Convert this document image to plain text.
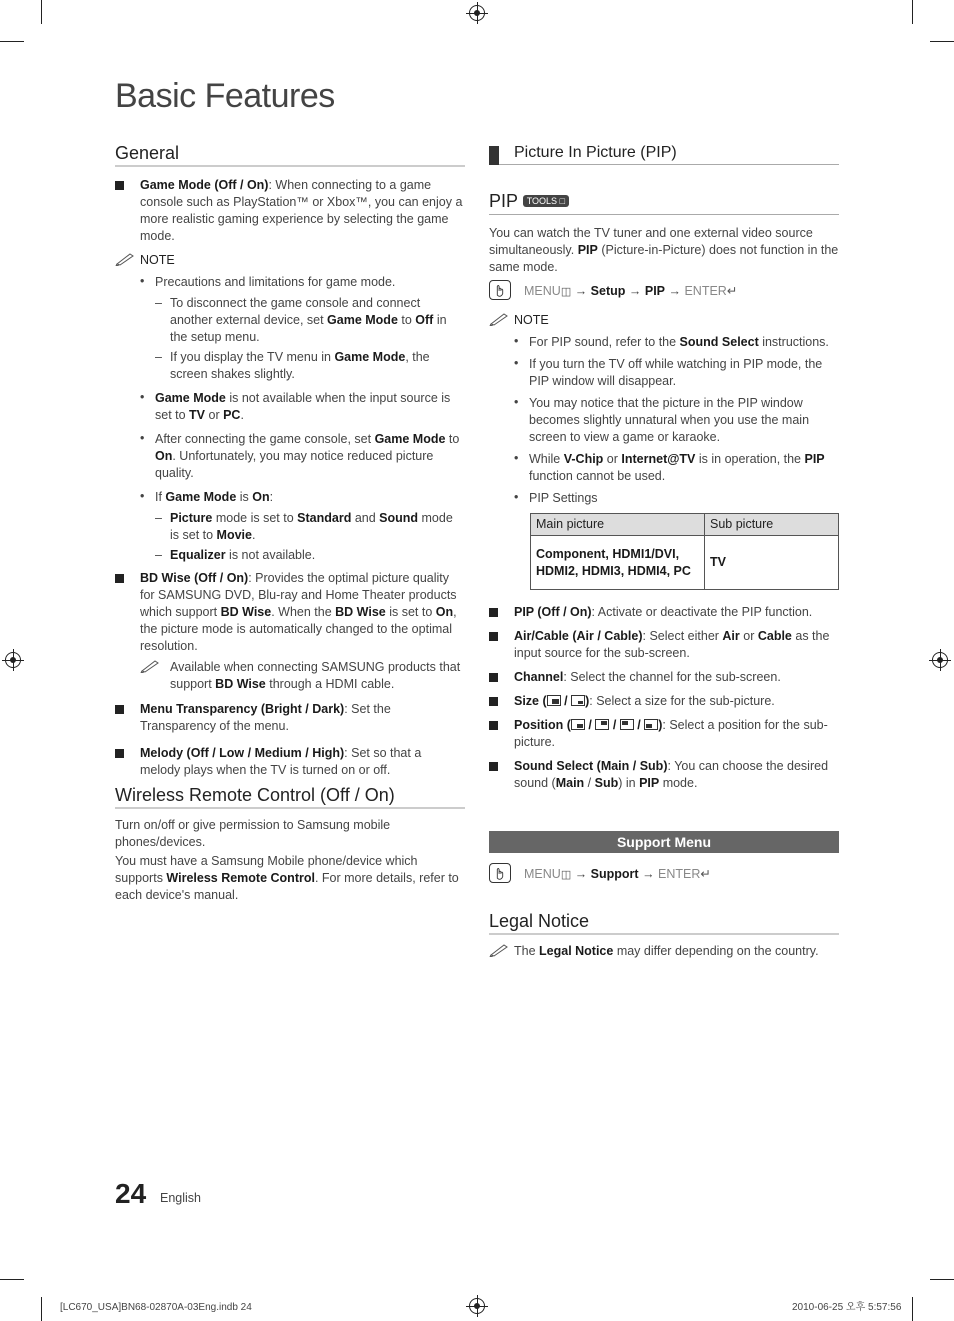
Basic Features
General
Game Mode (Off / On): When connecting to a game console such as PlayStation™ or Xbox™, you can enjoy a more realistic gaming experience by selecting the game mode.
NOTE
• Precautions and limitations for game mode.
– To disconnect the game console and connect another external device, set Game Mode to Off in the setup menu.
– If you display the TV menu in Game Mode, the screen shakes slightly.
• Game Mode is not available when the input source is set to TV or PC.
• After connecting the game console, set Game Mode to On. Unfortunately, you may notice reduced picture quality.
• If Game Mode is On:
– Picture mode is set to Standard and Sound mode is set to Movie.
– Equalizer is not available.
BD Wise (Off / On): Provides the optimal picture quality for SAMSUNG DVD, Blu-ray and Home Theater products which support BD Wise. When the BD Wise is set to On, the picture mode is automatically changed to the optimal resolution.
Available when connecting SAMSUNG products that support BD Wise through a HDMI cable.
Menu Transparency (Bright / Dark): Set the Transparency of the menu.
Melody (Off / Low / Medium / High): Set so that a melody plays when the TV is turned on or off.
Wireless Remote Control (Off / On)
Turn on/off or give permission to Samsung mobile phones/devices.
You must have a Samsung Mobile phone/device which supports Wireless Remote Control. For more details, refer to each device's manual.
Picture In Picture (PIP)
PIP TOOLS □
You can watch the TV tuner and one external video source simultaneously. PIP (Picture-in-Picture) does not function in the same mode.
MENU◫ → Setup → PIP → ENTER↵
NOTE
• For PIP sound, refer to the Sound Select instructions.
• If you turn the TV off while watching in PIP mode, the PIP window will disappear.
• You may notice that the picture in the PIP window becomes slightly unnatural when you use the main screen to view a game or karaoke.
• While V-Chip or Internet@TV is in operation, the PIP function cannot be used.
• PIP Settings
Main picture	Sub picture
Component, HDMI1/DVI, HDMI2, HDMI3, HDMI4, PC	TV
PIP (Off / On): Activate or deactivate the PIP function.
Air/Cable (Air / Cable): Select either Air or Cable as the input source for the sub-screen.
Channel: Select the channel for the sub-screen.
Size (
/
): Select a size for the sub-picture.
Position (
/
/
/
): Select a position for the sub-picture.
Sound Select (Main / Sub): You can choose the desired sound (Main / Sub) in PIP mode.
Support Menu
MENU◫ → Support → ENTER↵
Legal Notice
The Legal Notice may differ depending on the country.
24 English
[LC670_USA]BN68-02870A-03Eng.indb 24	2010-06-25 오후 5:57:56
